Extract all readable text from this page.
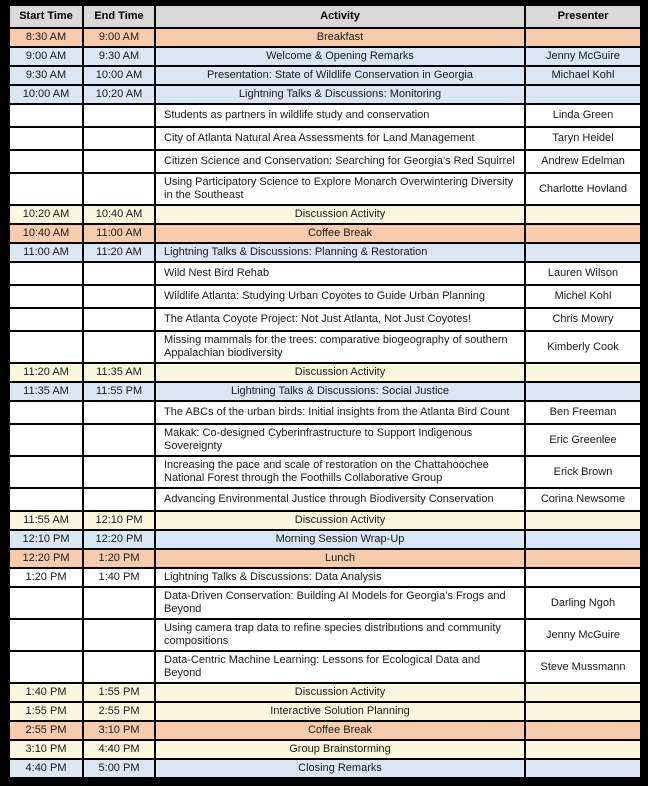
Start Time	End Time	Activity	Presenter
8:30 AM	9:00 AM	Breakfast	
9:00 AM	9:30 AM	Welcome & Opening Remarks	Jenny McGuire
9:30 AM	10:00 AM	Presentation: State of Wildlife Conservation in Georgia	Michael Kohl
10:00 AM	10:20 AM	Lightning Talks & Discussions: Monitoring	
		Students as partners in wildlife study and conservation	Linda Green
		City of Atlanta Natural Area Assessments for Land Management	Taryn Heidel
		Citizen Science and Conservation: Searching for Georgia’s Red Squirrel	Andrew Edelman
		Using Participatory Science to Explore Monarch Overwintering Diversity in the Southeast	Charlotte Hovland
10:20 AM	10:40 AM	Discussion Activity	
10:40 AM	11:00 AM	Coffee Break	
11:00 AM	11:20 AM	Lightning Talks & Discussions: Planning & Restoration	
		Wild Nest Bird Rehab	Lauren Wilson
		Wildlife Atlanta: Studying Urban Coyotes to Guide Urban Planning	Michel Kohl
		The Atlanta Coyote Project: Not Just Atlanta, Not Just Coyotes!	Chris Mowry
		Missing mammals for the trees: comparative biogeography of southern Appalachian biodiversity	Kimberly Cook
11:20 AM	11:35 AM	Discussion Activity	
11:35 AM	11:55 PM	Lightning Talks & Discussions: Social Justice	
		The ABCs of the urban birds: Initial insights from the Atlanta Bird Count	Ben Freeman
		Makak: Co-designed Cyberinfrastructure to Support Indigenous Sovereignty	Eric Greenlee
		Increasing the pace and scale of restoration on the Chattahoochee National Forest through the Foothills Collaborative Group	Erick Brown
		Advancing Environmental Justice through Biodiversity Conservation	Corina Newsome
11:55 AM	12:10 PM	Discussion Activity	
12:10 PM	12:20 PM	Morning Session Wrap-Up	
12:20 PM	1:20 PM	Lunch	
1:20 PM	1:40 PM	Lightning Talks & Discussions: Data Analysis	
		Data-Driven Conservation: Building AI Models for Georgia’s Frogs and Beyond	Darling Ngoh
		Using camera trap data to refine species distributions and community compositions	Jenny McGuire
		Data-Centric Machine Learning: Lessons for Ecological Data and Beyond	Steve Mussmann
1:40 PM	1:55 PM	Discussion Activity	
1:55 PM	2:55 PM	Interactive Solution Planning	
2:55 PM	3:10 PM	Coffee Break	
3:10 PM	4:40 PM	Group Brainstorming	
4:40 PM	5:00 PM	Closing Remarks	
